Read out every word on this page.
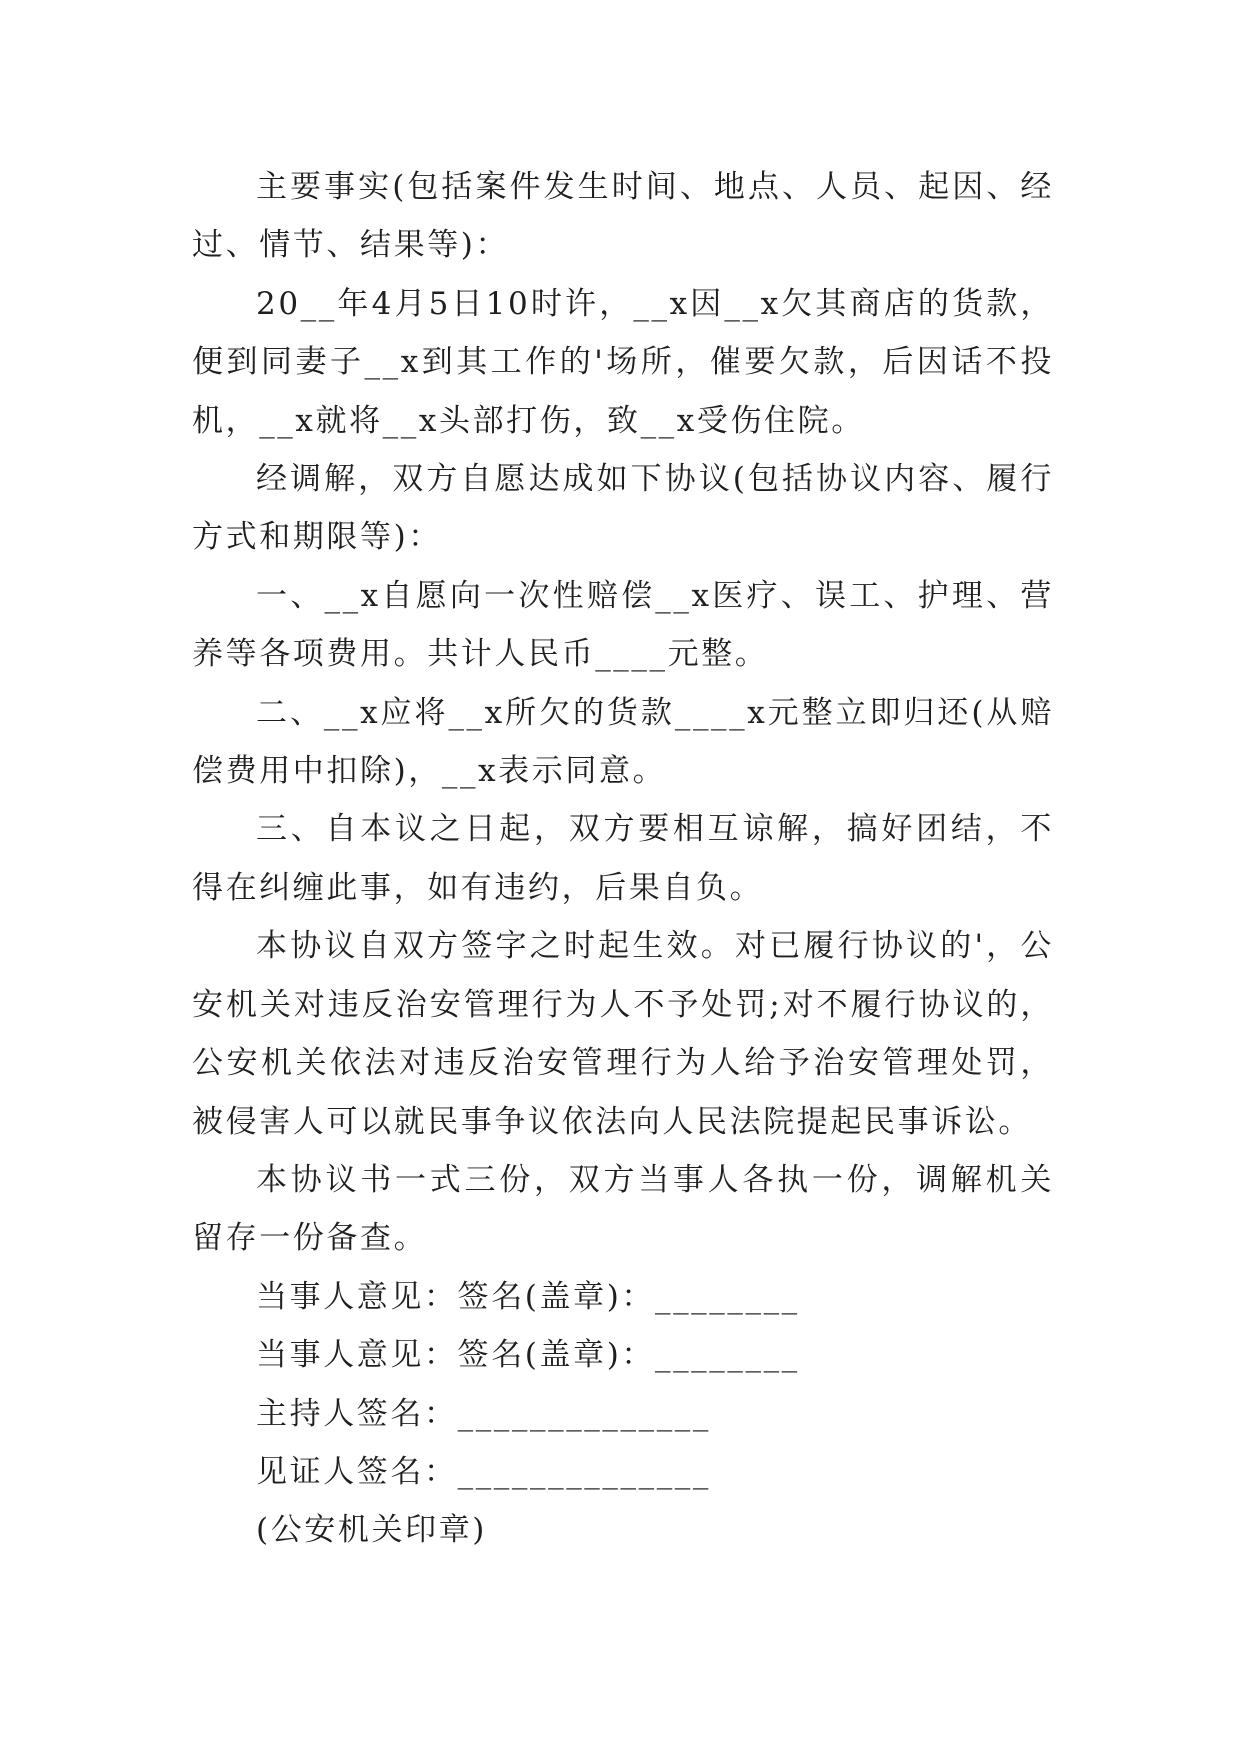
主要事实(包括案件发生时间、地点、人员、起因、经过、情节、结果等)：

20__年4月5日10时许，__x因__x欠其商店的货款，便到同妻子__x到其工作的'场所，催要欠款，后因话不投机，__x就将__x头部打伤，致__x受伤住院。

经调解，双方自愿达成如下协议(包括协议内容、履行方式和期限等)：

一、__x自愿向一次性赔偿__x医疗、误工、护理、营养等各项费用。共计人民币____元整。

二、__x应将__x所欠的货款____x元整立即归还(从赔偿费用中扣除)，__x表示同意。

三、自本议之日起，双方要相互谅解，搞好团结，不得在纠缠此事，如有违约，后果自负。

本协议自双方签字之时起生效。对已履行协议的'，公安机关对违反治安管理行为人不予处罚;对不履行协议的，公安机关依法对违反治安管理行为人给予治安管理处罚，被侵害人可以就民事争议依法向人民法院提起民事诉讼。

本协议书一式三份，双方当事人各执一份，调解机关留存一份备查。

当事人意见：签名(盖章)：________
当事人意见：签名(盖章)：________
主持人签名：______________
见证人签名：______________
(公安机关印章)
